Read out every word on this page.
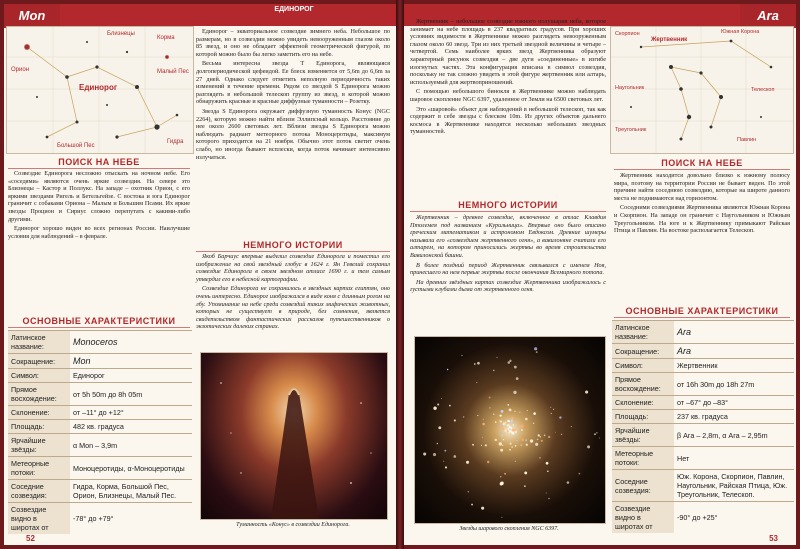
Mon
Единорог
Близнецы
Малый Пес
Большой Пес
Орион
Гидра
Корма
ЕДИНОРОГ

Единорог – экваториальное созвездие зимнего неба. Небольшое по размерам, но в созвездии можно увидеть невооруженным глазом около 85 звезд, и оно не обладает эффектной геометрической фигурой, по которой можно было бы легко заметить его на небе.

Весьма интересна звезда Т Единорога, являющаяся долгопериодической цефеидой. Ее блеск изменяется от 5,6m до 6,6m за 27 дней. Однако следует отметить неполную периодичность таких изменений в течение времени. Рядом со звездой S Единорога можно разглядеть в небольшой телескоп группу из звезд, в которой можно обнаружить красные и красные диффузные туманности – Розетку.

Звезда S Единорога окружает диффузную туманность Конус (NGC 2264), которую можно найти вблизи Эллипсный кольцо. Расстояние до нее около 2600 световых лет. Вблизи звезды S Единорога можно наблюдать радиант метеорного потока Моноцеротиды, максимум которого приходится на 21 ноября. Обычно этот поток светит очень слабо, но иногда бывают всплески, когда поток начинает интенсивно излучаться.

ПОИСК НА НЕБЕ

Созвездие Единорога несложно отыскать на ночном небе. Его «соседями» являются очень яркие созвездия. На севере это Близнецы – Кастор и Поллукс. На западе – охотник Орион, с его яркими звездами Ригель и Бетельгейзе. С востока и юга Единорог граничит с собаками Ориона – Малым и Большим Псами. Их яркие звезды Процион и Сириус сложно перепутать с какими-либо другими.

Единорог хорошо виден во всех регионах России. Наилучшие условия для наблюдений – в феврале.

НЕМНОГО ИСТОРИИ

Якоб Барчиус впервые выделил созвездие Единорога и поместил его изображение на свой звездный глобус в 1624 г. Ян Гевелий сохранил созвездие Единорога в своем звездном атласе 1690 г. и тем самым утвердил его в небесной картографии.

Созвездие Единорога не сохранилось в звездных картах египтян, оно очень интересно. Единорог изображался в виде коня с длинным рогом на лбу. Упоминание на небе среди созвездий таких мифических животных, которых не существует в природе, без сомнения, является свидетельством фантастических рассказов путешественников о экзотических далеких странах.

ОСНОВНЫЕ ХАРАКТЕРИСТИКИ
Латинское название:	Monoceros
Сокращение:	Mon
Символ:	Единорог
Прямое восхождение:	от 5h 50m до 8h 05m
Склонение:	от –11° до +12°
Площадь:	482 кв. градуса
Ярчайшие звёзды:	α Mon – 3,9m
Метеорные потоки:	Моноцеротиды, α-Моноцеротиды
Соседние созвездия:	Гидра, Корма, Большой Пес, Орион, Близнецы, Малый Пес.
Созвездие видно в широтах от	-78° до +79°
Туманность «Конус» в созвездии Единорога.
52
Ara

Жертвенник – небольшое созвездие южного полушария неба, которое занимает на небе площадь в 237 квадратных градусов. При хороших условиях видимости в Жертвеннике можно разглядеть невооруженным глазом около 60 звезд. Три из них третьей звездной величины и четыре – четвертой. Семь наиболее ярких звезд Жертвенника образуют характерный рисунок созвездия – две дуги «соединенные» в изгибе изогнутых частях. Эта конфигурация вписана в символ созвездия, поскольку не так сложно увидеть в этой фигуре жертвенник или алтарь, используемый для жертвоприношений.

С помощью небольшого бинокля в Жертвеннике можно наблюдать шаровое скопление NGC 6397, удаленное от Земли на 6500 световых лет.

Это «шаровой» объект для наблюдений в небольшой телескоп, так как содержит в себе звезды с блеском 10m. Из других объектов дальнего космоса в Жертвеннике находятся несколько небольших звездных туманностей.

Жертвенник
Южная Корона
Скорпион
Павлин
Треугольник
Наугольник	Телескоп
НЕМНОГО ИСТОРИИ

Жертвенник – древнее созвездие, включенное в атлас Клавдия Птолемея под названием «Курильница». Впервые оно было описано греческим математиком и астрономом Евдоксом. Древние шумеры называли его «созвездием жертвенного огня», а вавилоняне считали его алтарем, на котором приносились жертвы во время строительства Вавилонской башни.

В более поздний период Жертвенник связывался с именем Ноя, принесшего на нем первые жертвы после окончания Всемирного потопа.

На древних звёздных картах созвездие Жертвенника изображалось с густыми клубами дыма от жертвенного огня.

Звезды шарового скопления NGC 6397.
ПОИСК НА НЕБЕ

Жертвенник находится довольно близко к южному полюсу мира, поэтому на территории России не бывает виден. По этой причине найти соседнюю созвездию, которые на широте данного места не поднимаются над горизонтом.

Соседними созвездиями Жертвенника являются Южная Корона и Скорпион. На западе он граничит с Наугольником и Южным Треугольником. На юге и к Жертвеннику примыкают Райская Птица и Павлин. На востоке располагается Телескоп.

ОСНОВНЫЕ ХАРАКТЕРИСТИКИ
Латинское название:	Ara
Сокращение:	Ara
Символ:	Жертвенник
Прямое восхождение:	от 16h 30m до 18h 27m
Склонение:	от –67° до –83°
Площадь:	237 кв. градуса
Ярчайшие звёзды:	β Ara – 2,8m, α Ara – 2,95m
Метеорные потоки:	Нет
Соседние созвездия:	Юж. Корона, Скорпион, Павлин, Наугольник, Райская Птица, Юж. Треугольник, Телескоп.
Созвездие видно в широтах от	-90° до +25°
53
